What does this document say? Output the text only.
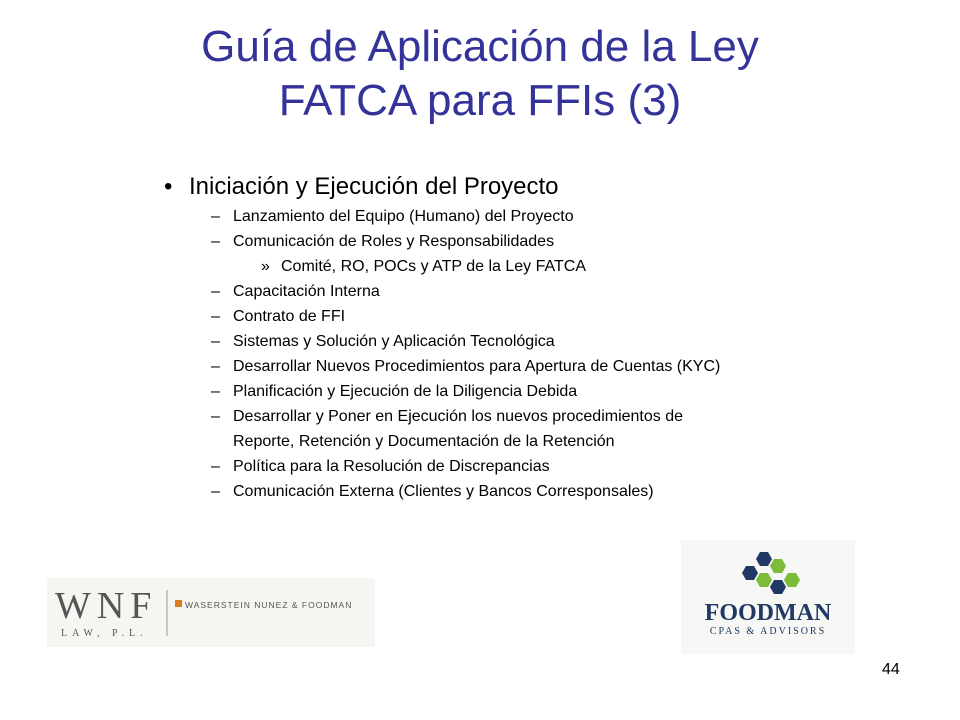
Guía de Aplicación de la Ley
FATCA para FFIs (3)
• Iniciación y Ejecución del Proyecto
– Lanzamiento del Equipo (Humano) del Proyecto
– Comunicación de Roles y Responsabilidades
» Comité, RO, POCs y ATP de la Ley FATCA
– Capacitación Interna
– Contrato de FFI
– Sistemas y Solución y Aplicación Tecnológica
– Desarrollar Nuevos Procedimientos para Apertura de Cuentas (KYC)
– Planificación y Ejecución de la Diligencia Debida
– Desarrollar y Poner en Ejecución los nuevos procedimientos de
Reporte, Retención y Documentación de la Retención
– Política para la Resolución de Discrepancias
– Comunicación Externa (Clientes y Bancos Corresponsales)
WNF
LAW, P.L.
WASERSTEIN NUNEZ & FOODMAN	FOODMAN
CPAS & ADVISORS
44
